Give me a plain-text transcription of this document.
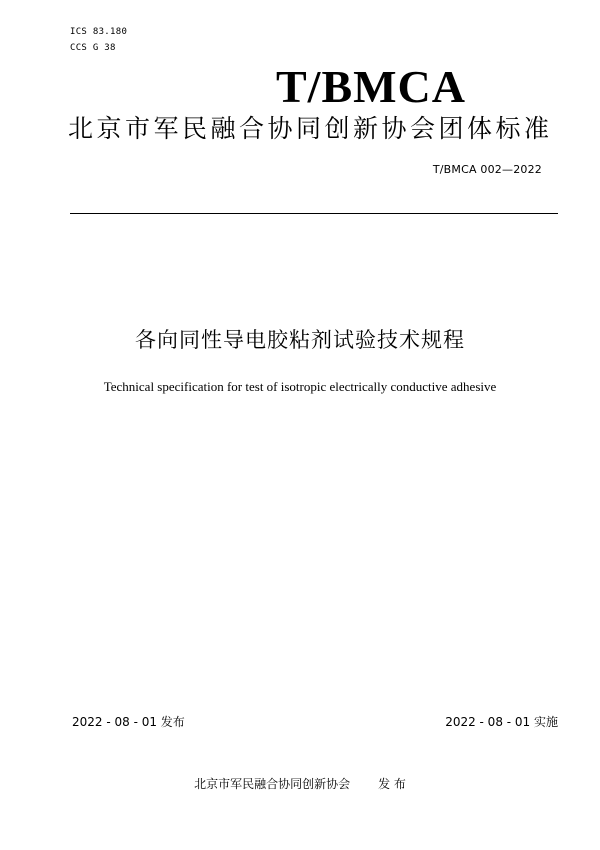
ICS 83.180
CCS G 38
T/BMCA
北京市军民融合协同创新协会团体标准
T/BMCA 002—2022
各向同性导电胶粘剂试验技术规程
Technical specification for test of isotropic electrically conductive adhesive
2022 - 08 - 01 发布	2022 - 08 - 01 实施
北京市军民融合协同创新协会 发 布
